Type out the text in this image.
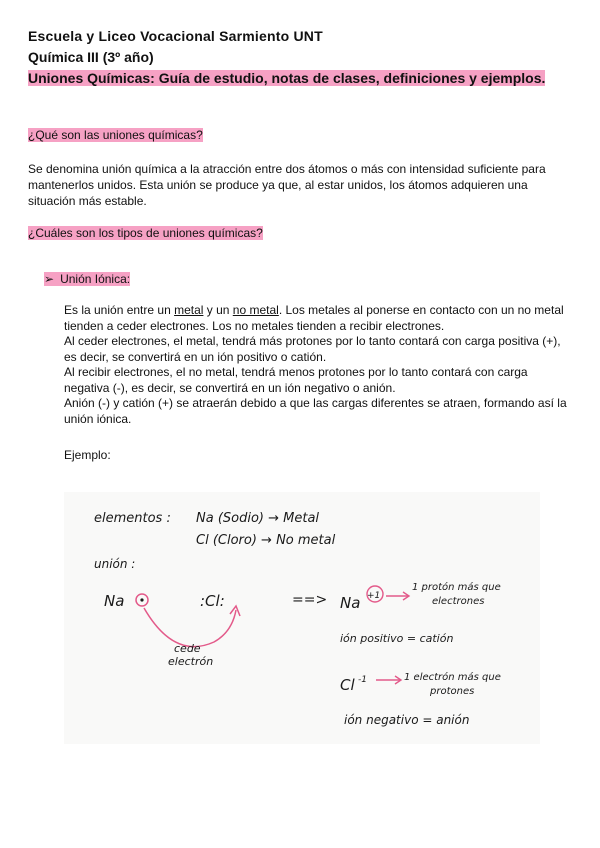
Escuela y Liceo Vocacional Sarmiento UNT
Química III (3º año)
Uniones Químicas: Guía de estudio, notas de clases, definiciones y ejemplos.
¿Qué son las uniones químicas?
Se denomina unión química a la atracción entre dos átomos o más con intensidad suficiente para mantenerlos unidos. Esta unión se produce ya que, al estar unidos, los átomos adquieren una situación más estable.
¿Cuáles son los tipos de uniones químicas?
➢ Unión Iónica:

Es la unión entre un metal y un no metal. Los metales al ponerse en contacto con un no metal tienden a ceder electrones. Los no metales tienden a recibir electrones.

Al ceder electrones, el metal, tendrá más protones por lo tanto contará con carga positiva (+), es decir, se convertirá en un ión positivo o catión.

Al recibir electrones, el no metal, tendrá menos protones por lo tanto contará con carga negativa (-), es decir, se convertirá en un ión negativo o anión.

Anión (-) y catión (+) se atraerán debido a que las cargas diferentes se atraen, formando así la unión iónica.

Ejemplo:
elementos : Na (Sodio) → Metal
Cl (Cloro) → No metal
unión :
Na	:Cl:
cede
electrón
==> Na +1
1 protón más que
electrones
ión positivo = catión
Cl -1	1 electrón más que
protones
ión negativo = anión
